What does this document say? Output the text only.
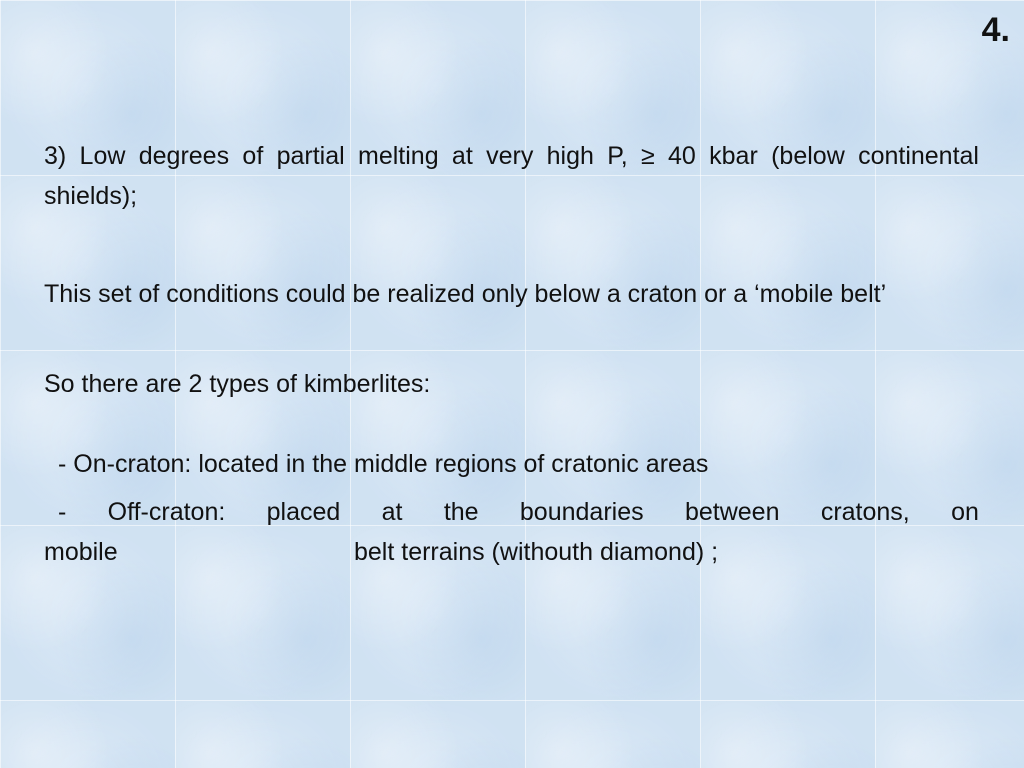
4.

3) Low degrees of partial melting at very high P, ≥ 40 kbar (below continental shields);

This set of conditions could be realized only below a craton or a ‘mobile belt’

So there are 2 types of kimberlites:

- On-craton: located in the middle regions of cratonic areas

- Off-craton: placed at the boundaries between cratons, on
mobile	belt terrains (withouth diamond) ;
